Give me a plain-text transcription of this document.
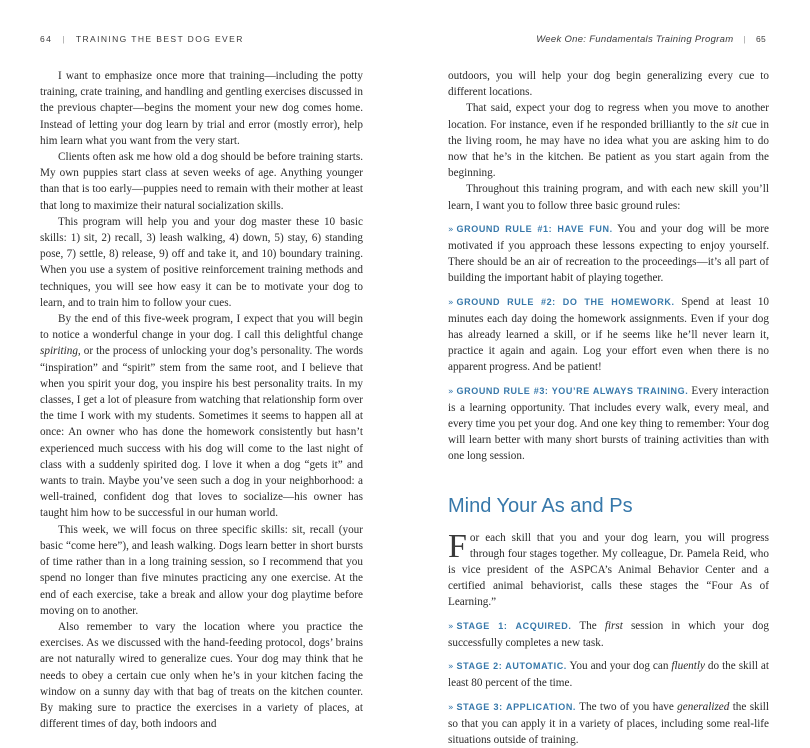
64 | TRAINING THE BEST DOG EVER	Week One: Fundamentals Training Program | 65

I want to emphasize once more that training—including the potty training, crate training, and handling and gentling exercises discussed in the previous chapter—begins the moment your new dog comes home. Instead of letting your dog learn by trial and error (mostly error), help him learn what you want from the very start.

Clients often ask me how old a dog should be before training starts. My own puppies start class at seven weeks of age. Anything younger than that is too early—puppies need to remain with their mother at least that long to maximize their natural socialization skills.

This program will help you and your dog master these 10 basic skills: 1) sit, 2) recall, 3) leash walking, 4) down, 5) stay, 6) standing pose, 7) settle, 8) release, 9) off and take it, and 10) boundary training. When you use a system of positive reinforcement training methods and techniques, you will see how easy it can be to motivate your dog to learn, and to train him to follow your cues.

By the end of this five-week program, I expect that you will begin to notice a wonderful change in your dog. I call this delightful change spiriting, or the process of unlocking your dog’s personality. The words “inspiration” and “spirit” stem from the same root, and I believe that when you spirit your dog, you inspire his best personality traits. In my classes, I get a lot of pleasure from watching that relationship form over the time I work with my students. Sometimes it seems to happen all at once: An owner who has done the homework consistently but hasn’t experienced much success with his dog will come to the last night of class with a suddenly spirited dog. I love it when a dog “gets it” and wants to train. Maybe you’ve seen such a dog in your neighborhood: a well-trained, confident dog that loves to socialize—his owner has taught him how to be successful in our human world.

This week, we will focus on three specific skills: sit, recall (your basic “come here”), and leash walking. Dogs learn better in short bursts of time rather than in a long training session, so I recommend that you spend no longer than five minutes practicing any one exercise. At the end of each exercise, take a break and allow your dog playtime before moving on to another.

Also remember to vary the location where you practice the exercises. As we discussed with the hand-feeding protocol, dogs’ brains are not naturally wired to generalize cues. Your dog may think that he needs to obey a certain cue only when he’s in your kitchen facing the window on a sunny day with that bag of treats on the kitchen counter. By making sure to practice the exercises in a variety of places, at different times of day, both indoors and

outdoors, you will help your dog begin generalizing every cue to different locations.

That said, expect your dog to regress when you move to another location. For instance, even if he responded brilliantly to the sit cue in the living room, he may have no idea what you are asking him to do now that he’s in the kitchen. Be patient as you start again from the beginning.

Throughout this training program, and with each new skill you’ll learn, I want you to follow three basic ground rules:

» GROUND RULE #1: HAVE FUN. You and your dog will be more motivated if you approach these lessons expecting to enjoy yourself. There should be an air of recreation to the proceedings—it’s all part of building the important habit of playing together.

» GROUND RULE #2: DO THE HOMEWORK. Spend at least 10 minutes each day doing the homework assignments. Even if your dog has already learned a skill, or if he seems like he’ll never learn it, practice it again and again. Log your effort even when there is no apparent progress. And be patient!

» GROUND RULE #3: YOU’RE ALWAYS TRAINING. Every interaction is a learning opportunity. That includes every walk, every meal, and every time you pet your dog. And one key thing to remember: Your dog will learn better with many short bursts of training activities than with one long session.

Mind Your As and Ps

For each skill that you and your dog learn, you will progress through four stages together. My colleague, Dr. Pamela Reid, who is vice president of the ASPCA’s Animal Behavior Center and a certified animal behaviorist, calls these stages the “Four As of Learning.”

» STAGE 1: ACQUIRED. The first session in which your dog successfully completes a new task.

» STAGE 2: AUTOMATIC. You and your dog can fluently do the skill at least 80 percent of the time.

» STAGE 3: APPLICATION. The two of you have generalized the skill so that you can apply it in a variety of places, including some real-life situations outside of training.
